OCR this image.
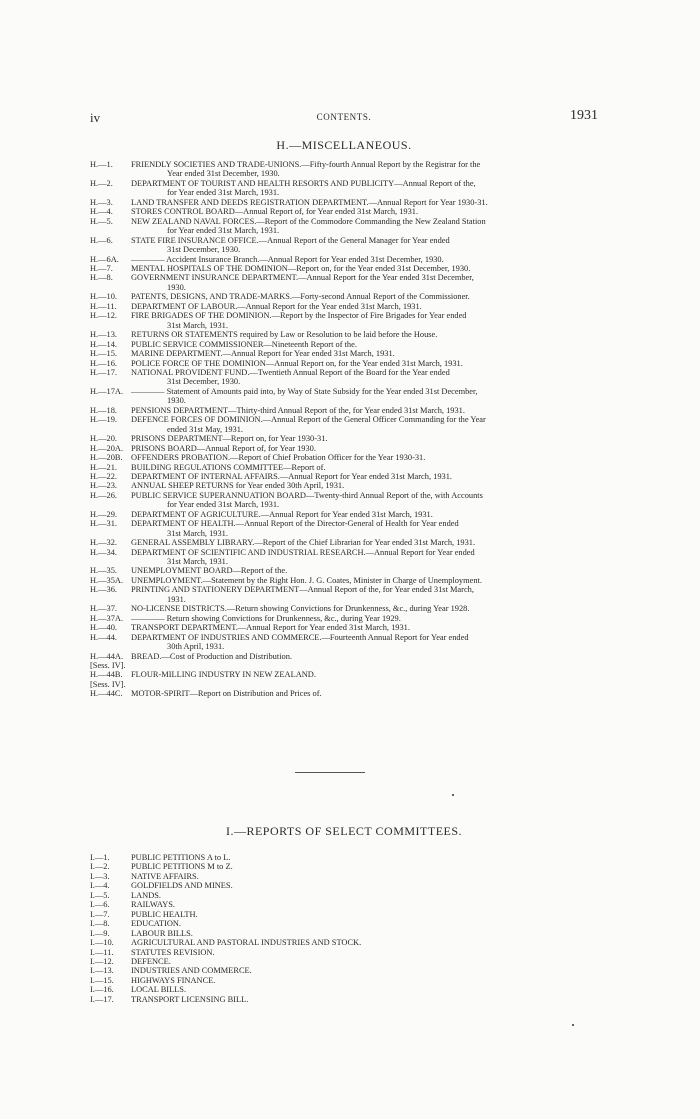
iv	CONTENTS.	1931
H.—MISCELLANEOUS.
H.—1.	FRIENDLY SOCIETIES AND TRADE-UNIONS.—Fifty-fourth Annual Report by the Registrar for the
Year ended 31st December, 1930.
H.—2.	DEPARTMENT OF TOURIST AND HEALTH RESORTS AND PUBLICITY—Annual Report of the,
for Year ended 31st March, 1931.
H.—3.	LAND TRANSFER AND DEEDS REGISTRATION DEPARTMENT.—Annual Report for Year 1930-31.
H.—4.	STORES CONTROL BOARD—Annual Report of, for Year ended 31st March, 1931.
H.—5.	NEW ZEALAND NAVAL FORCES.—Report of the Commodore Commanding the New Zealand Station
for Year ended 31st March, 1931.
H.—6.	STATE FIRE INSURANCE OFFICE.—Annual Report of the General Manager for Year ended
31st December, 1930.
H.—6A.	———— Accident Insurance Branch.—Annual Report for Year ended 31st December, 1930.
H.—7.	MENTAL HOSPITALS OF THE DOMINION—Report on, for the Year ended 31st December, 1930.
H.—8.	GOVERNMENT INSURANCE DEPARTMENT.—Annual Report for the Year ended 31st December,
1930.
H.—10.	PATENTS, DESIGNS, AND TRADE-MARKS.—Forty-second Annual Report of the Commissioner.
H.—11.	DEPARTMENT OF LABOUR.—Annual Report for the Year ended 31st March, 1931.
H.—12.	FIRE BRIGADES OF THE DOMINION.—Report by the Inspector of Fire Brigades for Year ended
31st March, 1931.
H.—13.	RETURNS OR STATEMENTS required by Law or Resolution to be laid before the House.
H.—14.	PUBLIC SERVICE COMMISSIONER—Nineteenth Report of the.
H.—15.	MARINE DEPARTMENT.—Annual Report for Year ended 31st March, 1931.
H.—16.	POLICE FORCE OF THE DOMINION—Annual Report on, for the Year ended 31st March, 1931.
H.—17.	NATIONAL PROVIDENT FUND.—Twentieth Annual Report of the Board for the Year ended
31st December, 1930.
H.—17A. ———— Statement of Amounts paid into, by Way of State Subsidy for the Year ended 31st December,
1930.
H.—18.	PENSIONS DEPARTMENT—Thirty-third Annual Report of the, for Year ended 31st March, 1931.
H.—19.	DEFENCE FORCES OF DOMINION.—Annual Report of the General Officer Commanding for the Year
ended 31st May, 1931.
H.—20.	PRISONS DEPARTMENT—Report on, for Year 1930-31.
H.—20A. PRISONS BOARD—Annual Report of, for Year 1930.
H.—20B.	OFFENDERS PROBATION.—Report of Chief Probation Officer for the Year 1930-31.
H.—21.	BUILDING REGULATIONS COMMITTEE—Report of.
H.—22.	DEPARTMENT OF INTERNAL AFFAIRS.—Annual Report for Year ended 31st March, 1931.
H.—23.	ANNUAL SHEEP RETURNS for Year ended 30th April, 1931.
H.—26.	PUBLIC SERVICE SUPERANNUATION BOARD—Twenty-third Annual Report of the, with Accounts
for Year ended 31st March, 1931.
H.—29.	DEPARTMENT OF AGRICULTURE.—Annual Report for Year ended 31st March, 1931.
H.—31.	DEPARTMENT OF HEALTH.—Annual Report of the Director-General of Health for Year ended
31st March, 1931.
H.—32.	GENERAL ASSEMBLY LIBRARY.—Report of the Chief Librarian for Year ended 31st March, 1931.
H.—34.	DEPARTMENT OF SCIENTIFIC AND INDUSTRIAL RESEARCH.—Annual Report for Year ended
31st March, 1931.
H.—35.	UNEMPLOYMENT BOARD—Report of the.
H.—35A. UNEMPLOYMENT.—Statement by the Right Hon. J. G. Coates, Minister in Charge of Unemployment.
H.—36.	PRINTING AND STATIONERY DEPARTMENT—Annual Report of the, for Year ended 31st March,
1931.
H.—37.	NO-LICENSE DISTRICTS.—Return showing Convictions for Drunkenness, &c., during Year 1928.
H.—37A. ———— Return showing Convictions for Drunkenness, &c., during Year 1929.
H.—40.	TRANSPORT DEPARTMENT.—Annual Report for Year ended 31st March, 1931.
H.—44.	DEPARTMENT OF INDUSTRIES AND COMMERCE.—Fourteenth Annual Report for Year ended
30th April, 1931.
H.—44A. BREAD.—Cost of Production and Distribution.
[Sess. IV].
H.—44B.	FLOUR-MILLING INDUSTRY IN NEW ZEALAND.
[Sess. IV].
H.—44C.	MOTOR-SPIRIT—Report on Distribution and Prices of.
I.—REPORTS OF SELECT COMMITTEES.
I.—1.	PUBLIC PETITIONS A to L.
I.—2.	PUBLIC PETITIONS M to Z.
I.—3.	NATIVE AFFAIRS.
I.—4.	GOLDFIELDS AND MINES.
I.—5.	LANDS.
I.—6.	RAILWAYS.
I.—7.	PUBLIC HEALTH.
I.—8.	EDUCATION.
I.—9.	LABOUR BILLS.
I.—10.	AGRICULTURAL AND PASTORAL INDUSTRIES AND STOCK.
I.—11.	STATUTES REVISION.
I.—12.	DEFENCE.
I.—13.	INDUSTRIES AND COMMERCE.
I.—15.	HIGHWAYS FINANCE.
I.—16.	LOCAL BILLS.
I.—17.	TRANSPORT LICENSING BILL.
